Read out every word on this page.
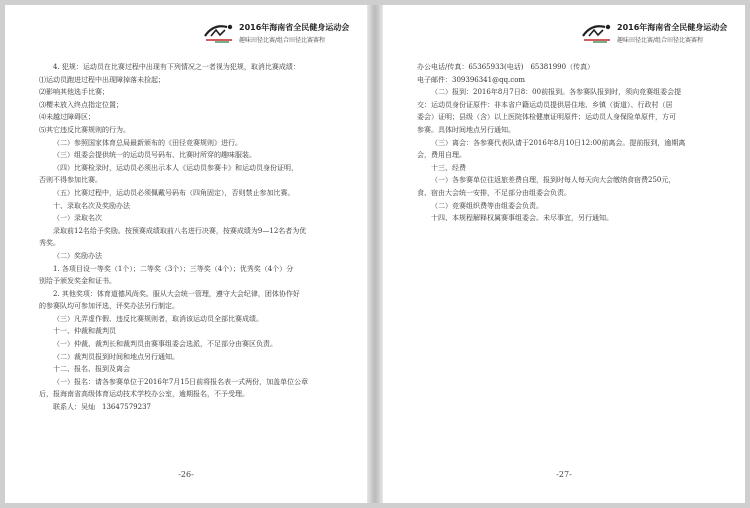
2016年海南省全民健身运动会
趣味田径比赛/组合田径比赛赛程

4. 犯规：运动员在比赛过程中出现有下列情况之一者视为犯规，取消比赛成绩：

⑴运动员跑进过程中出现障掉落未捡起；

⑵影响其他选手比赛；

⑶樱未放入终点指定位置；

⑷未越过障碍区；

⑸其它违反比赛规则的行为。

（二）参照国家体育总局最新颁布的《田径竞赛规则》进行。

（三）组委会提供统一的运动员号码布、比赛时所穿的趣味服装。

（四）比赛检录时，运动员必须出示本人《运动员参赛卡》和运动员身份证明，

否则不得参加比赛。

（五）比赛过程中，运动员必须佩戴号码布（四角固定），否则禁止参加比赛。

十、录取名次及奖励办法

（一）录取名次

录取前12名给予奖励。按预赛成绩取前八名进行决赛，按赛成绩为9—12名者为优

秀奖。

（二）奖励办法

1. 各项目设一等奖（1个）；二等奖（3个）；三等奖（4个）；优秀奖（4个）分

别给予颁发奖金和证书。

2. 其他奖项：体育道德风尚奖。服从大会统一管理，遵守大会纪律，团体协作好

的参赛队均可参加评选，评奖办法另行制定。

（三）凡弄虚作假、违反比赛规则者，取消该运动员全部比赛成绩。

十一、仲裁和裁判员

（一）仲裁、裁判长和裁判员由赛事组委会选派，不足部分由赛区负责。

（二）裁判员报到时间和地点另行通知。

十二、报名、报到及离会

（一）报名：请各参赛单位于2016年7月15日前将报名表一式两份，加盖单位公章

后，报海南省高级体育运动技术学校办公室，逾期报名，不予受理。

联系人：吴灿　13647579237

-26-
2016年海南省全民健身运动会
趣味田径比赛/组合田径比赛赛程

办公电话/传真：65365933(电话)　65381990（传真）

电子邮件：309396341@qq.com

（二）报到：2016年8月7日8：00前报到。各参赛队报到时，须向竞赛组委会提

交：运动员身份证原件：非本省户籍运动员提供居住地、乡镇（街道）、行政村（居

委会）证明；县级（含）以上医院体检健康证明原件；运动员人身保险单原件，方可

参赛。具体时间地点另行通知。

（三）离会：各参赛代表队请于2016年8月10日12:00前离会。提前报到，逾期离

会，费用自理。

十三、经费

（一）各参赛单位往返旅差费自理，报到时每人每天向大会缴纳食宿费250元，

食、宿由大会统一安排，不足部分由组委会负责。

（二）竞赛组织费等由组委会负责。

十四、本规程解释权属赛事组委会。未尽事宜，另行通知。

-27-
